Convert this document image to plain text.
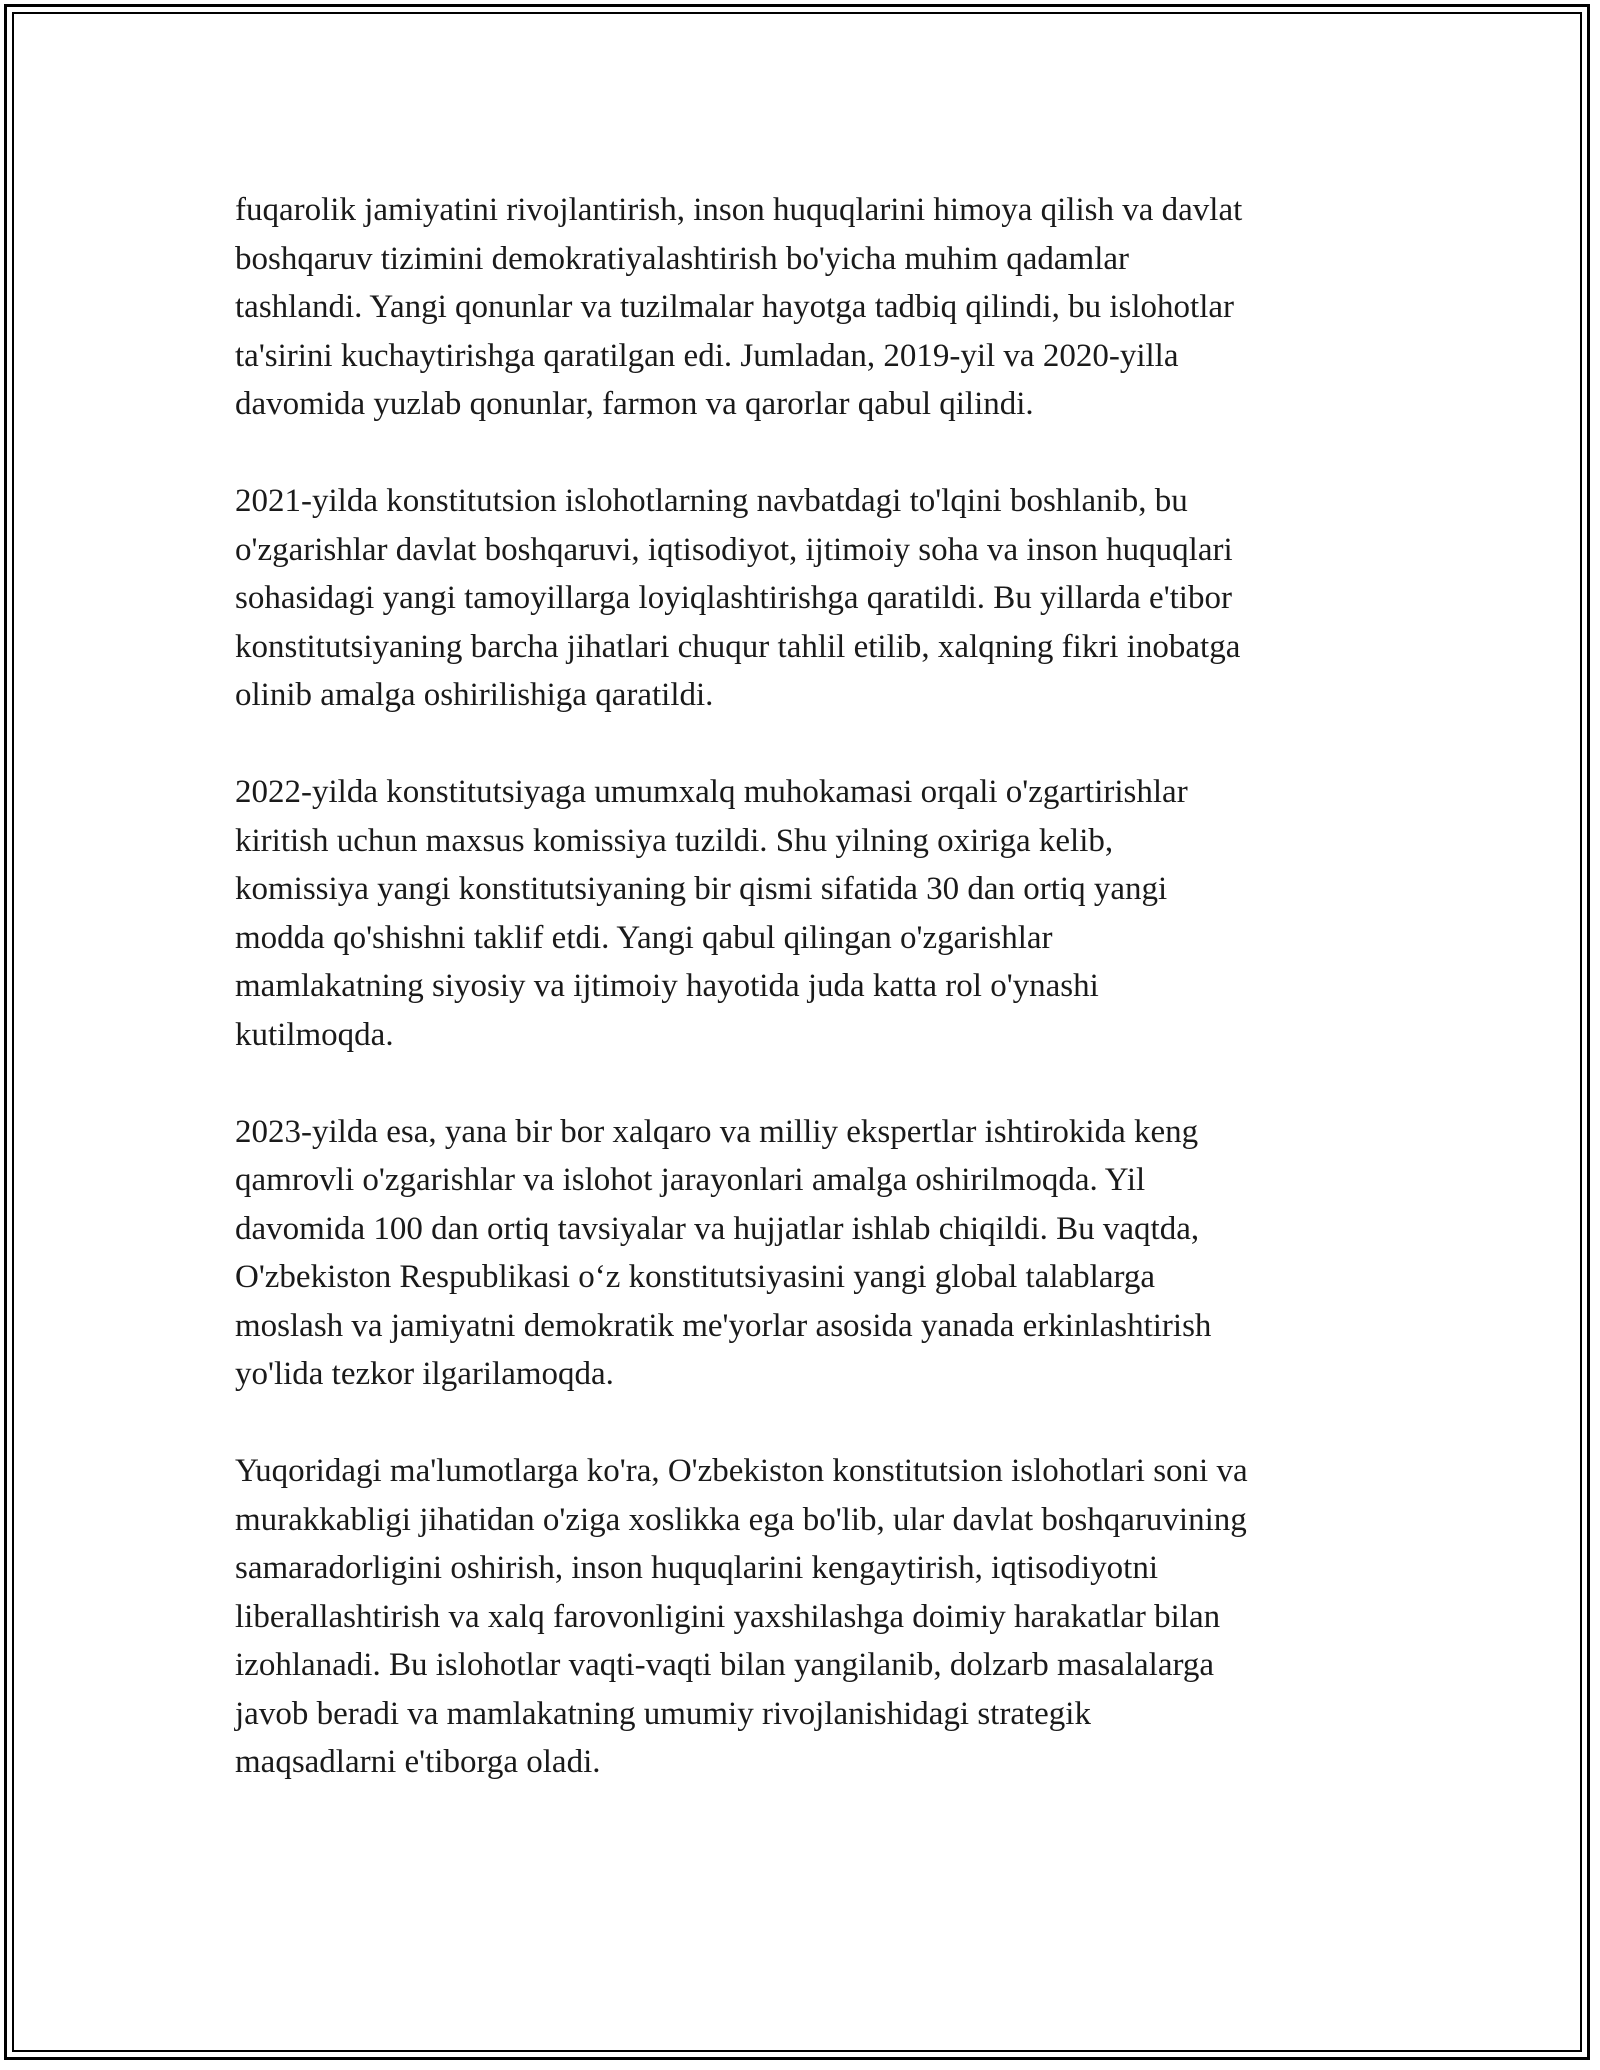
fuqarolik jamiyatini rivojlantirish, inson huquqlarini himoya qilish va davlat
boshqaruv tizimini demokratiyalashtirish bo'yicha muhim qadamlar
tashlandi. Yangi qonunlar va tuzilmalar hayotga tadbiq qilindi, bu islohotlar
ta'sirini kuchaytirishga qaratilgan edi. Jumladan, 2019-yil va 2020-yilla
davomida yuzlab qonunlar, farmon va qarorlar qabul qilindi.

2021-yilda konstitutsion islohotlarning navbatdagi to'lqini boshlanib, bu
o'zgarishlar davlat boshqaruvi, iqtisodiyot, ijtimoiy soha va inson huquqlari
sohasidagi yangi tamoyillarga loyiqlashtirishga qaratildi. Bu yillarda e'tibor
konstitutsiyaning barcha jihatlari chuqur tahlil etilib, xalqning fikri inobatga
olinib amalga oshirilishiga qaratildi.

2022-yilda konstitutsiyaga umumxalq muhokamasi orqali o'zgartirishlar
kiritish uchun maxsus komissiya tuzildi. Shu yilning oxiriga kelib,
komissiya yangi konstitutsiyaning bir qismi sifatida 30 dan ortiq yangi
modda qo'shishni taklif etdi. Yangi qabul qilingan o'zgarishlar
mamlakatning siyosiy va ijtimoiy hayotida juda katta rol o'ynashi
kutilmoqda.

2023-yilda esa, yana bir bor xalqaro va milliy ekspertlar ishtirokida keng
qamrovli o'zgarishlar va islohot jarayonlari amalga oshirilmoqda. Yil
davomida 100 dan ortiq tavsiyalar va hujjatlar ishlab chiqildi. Bu vaqtda,
O'zbekiston Respublikasi o‘z konstitutsiyasini yangi global talablarga
moslash va jamiyatni demokratik me'yorlar asosida yanada erkinlashtirish
yo'lida tezkor ilgarilamoqda.

Yuqoridagi ma'lumotlarga ko'ra, O'zbekiston konstitutsion islohotlari soni va
murakkabligi jihatidan o'ziga xoslikka ega bo'lib, ular davlat boshqaruvining
samaradorligini oshirish, inson huquqlarini kengaytirish, iqtisodiyotni
liberallashtirish va xalq farovonligini yaxshilashga doimiy harakatlar bilan
izohlanadi. Bu islohotlar vaqti-vaqti bilan yangilanib, dolzarb masalalarga
javob beradi va mamlakatning umumiy rivojlanishidagi strategik
maqsadlarni e'tiborga oladi.
